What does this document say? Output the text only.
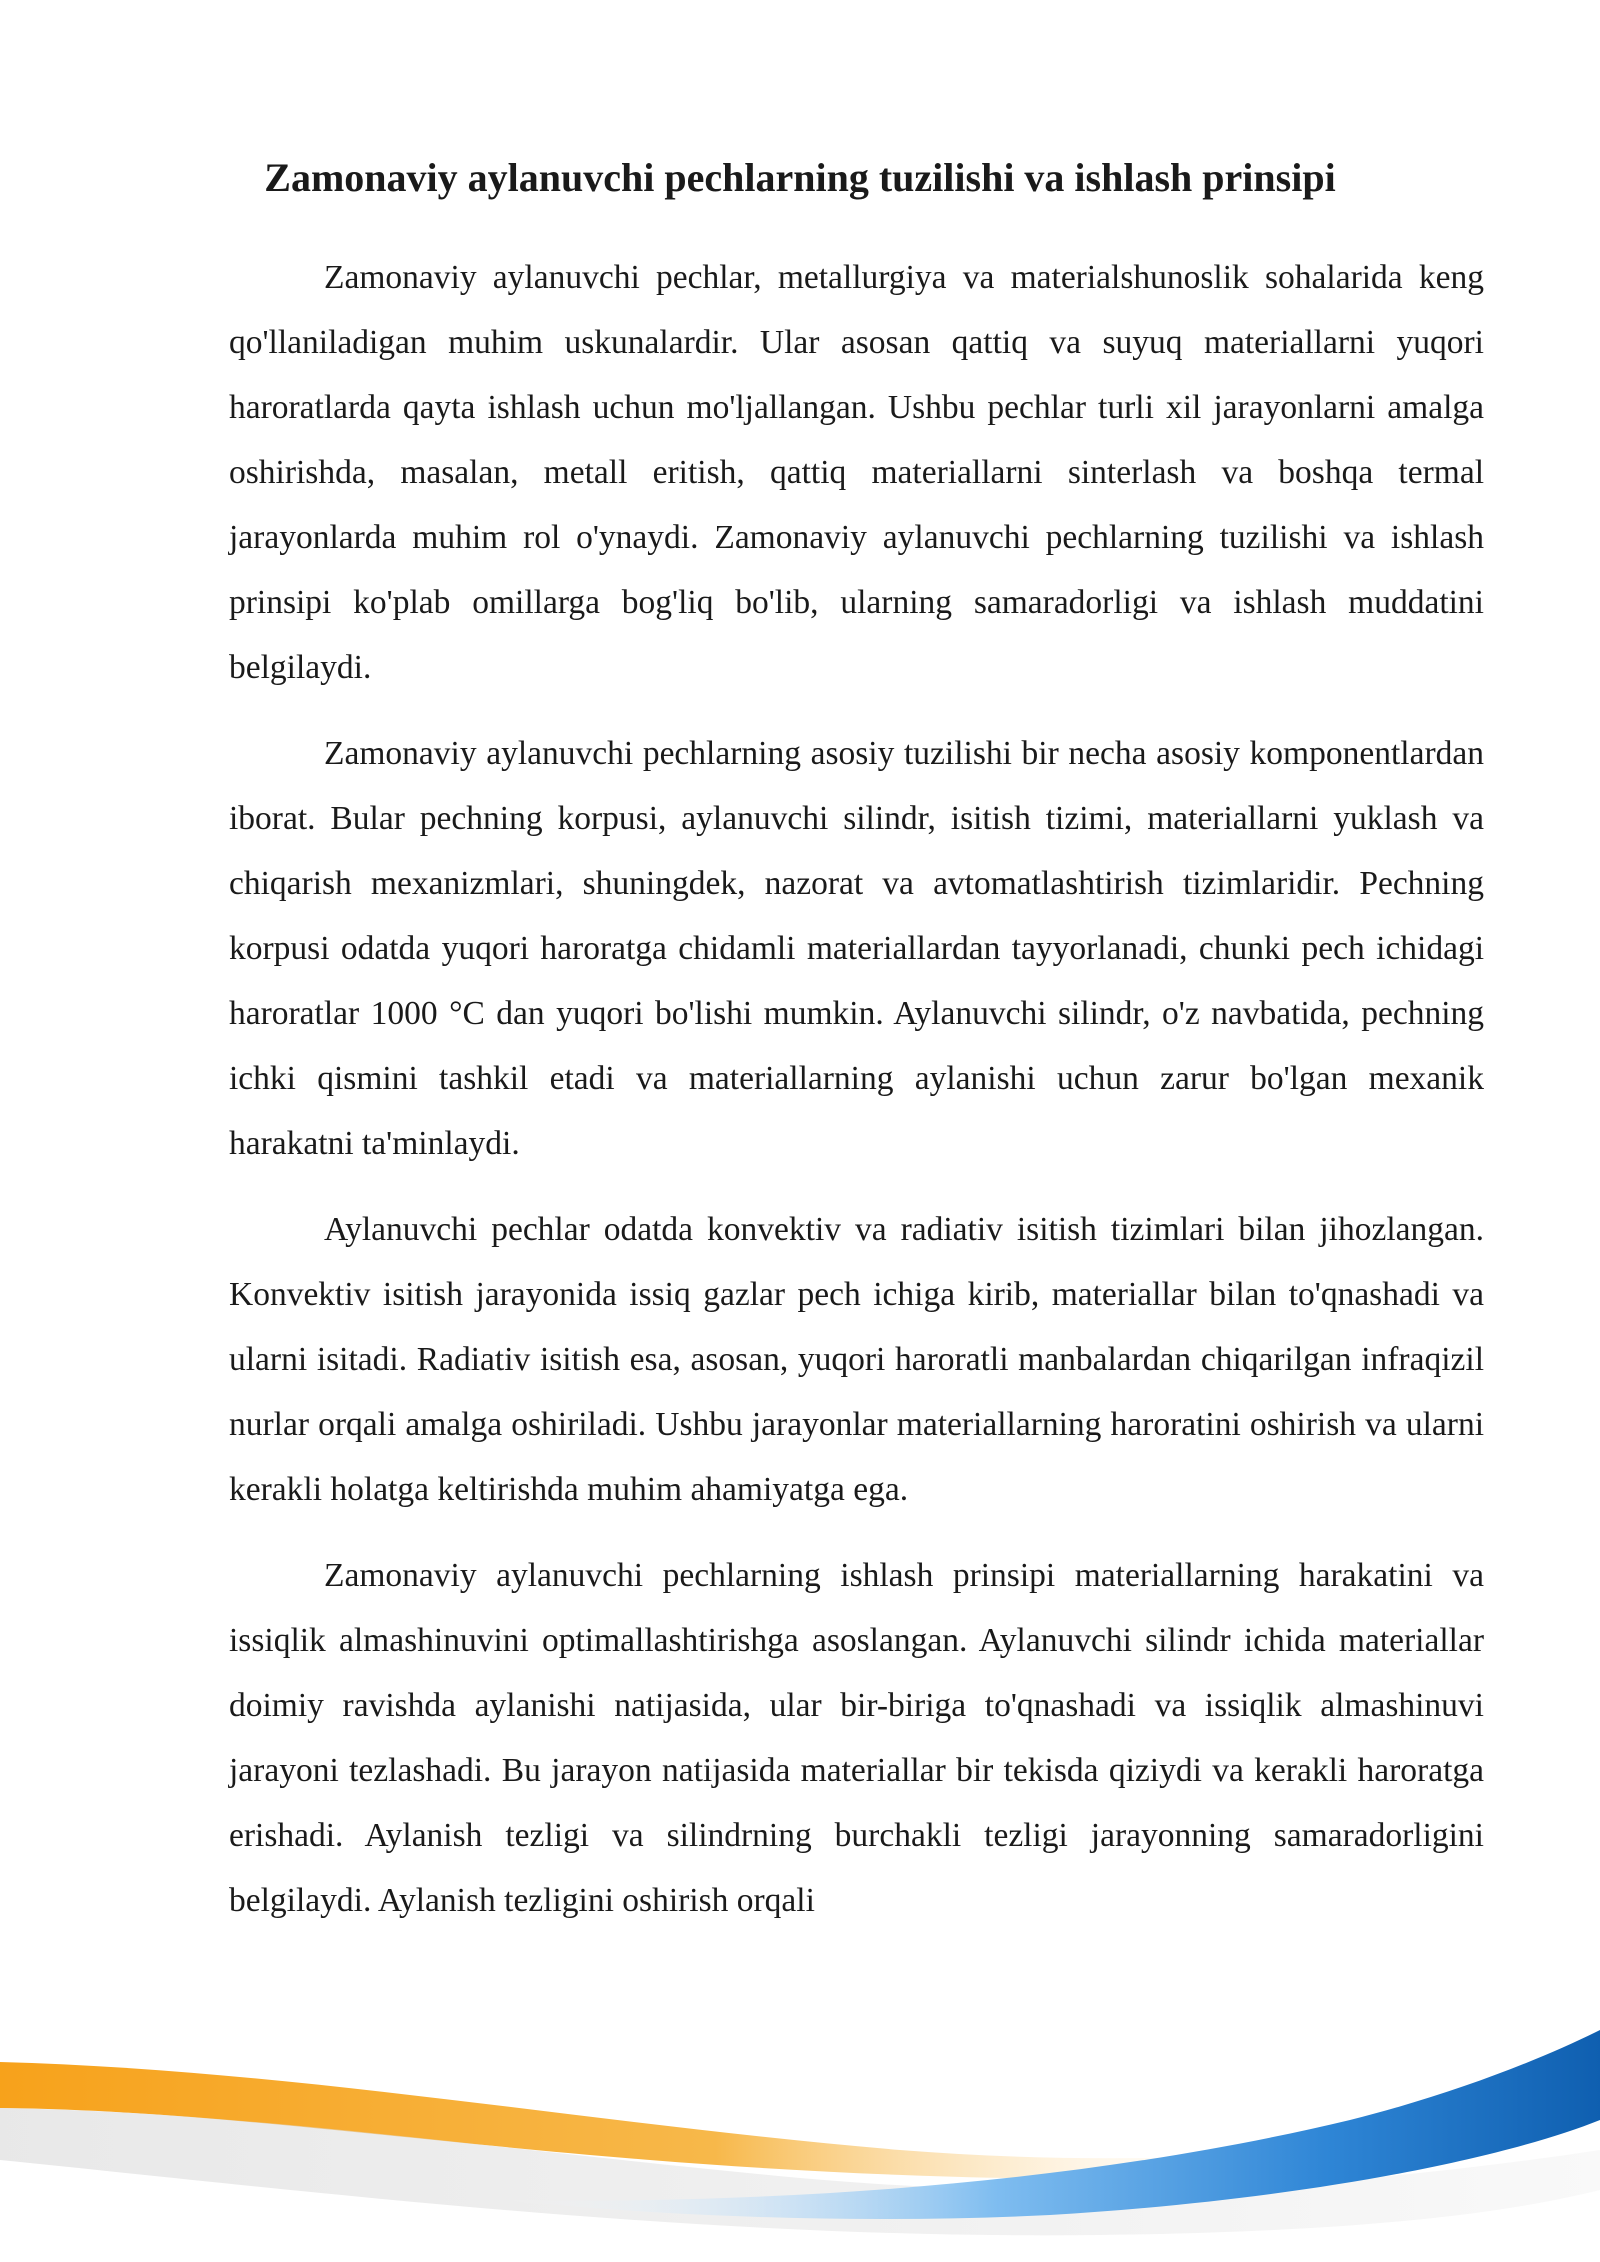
Zamonaviy aylanuvchi pechlarning tuzilishi va ishlash prinsipi

Zamonaviy aylanuvchi pechlar, metallurgiya va materialshunoslik sohalarida keng qo'llaniladigan muhim uskunalardir. Ular asosan qattiq va suyuq materiallarni yuqori haroratlarda qayta ishlash uchun mo'ljallangan. Ushbu pechlar turli xil jarayonlarni amalga oshirishda, masalan, metall eritish, qattiq materiallarni sinterlash va boshqa termal jarayonlarda muhim rol o'ynaydi. Zamonaviy aylanuvchi pechlarning tuzilishi va ishlash prinsipi ko'plab omillarga bog'liq bo'lib, ularning samaradorligi va ishlash muddatini belgilaydi.

Zamonaviy aylanuvchi pechlarning asosiy tuzilishi bir necha asosiy komponentlardan iborat. Bular pechning korpusi, aylanuvchi silindr, isitish tizimi, materiallarni yuklash va chiqarish mexanizmlari, shuningdek, nazorat va avtomatlashtirish tizimlaridir. Pechning korpusi odatda yuqori haroratga chidamli materiallardan tayyorlanadi, chunki pech ichidagi haroratlar 1000 °C dan yuqori bo'lishi mumkin. Aylanuvchi silindr, o'z navbatida, pechning ichki qismini tashkil etadi va materiallarning aylanishi uchun zarur bo'lgan mexanik harakatni ta'minlaydi.

Aylanuvchi pechlar odatda konvektiv va radiativ isitish tizimlari bilan jihozlangan. Konvektiv isitish jarayonida issiq gazlar pech ichiga kirib, materiallar bilan to'qnashadi va ularni isitadi. Radiativ isitish esa, asosan, yuqori haroratli manbalardan chiqarilgan infraqizil nurlar orqali amalga oshiriladi. Ushbu jarayonlar materiallarning haroratini oshirish va ularni kerakli holatga keltirishda muhim ahamiyatga ega.

Zamonaviy aylanuvchi pechlarning ishlash prinsipi materiallarning harakatini va issiqlik almashinuvini optimallashtirishga asoslangan. Aylanuvchi silindr ichida materiallar doimiy ravishda aylanishi natijasida, ular bir-biriga to'qnashadi va issiqlik almashinuvi jarayoni tezlashadi. Bu jarayon natijasida materiallar bir tekisda qiziydi va kerakli haroratga erishadi. Aylanish tezligi va silindrning burchakli tezligi jarayonning samaradorligini belgilaydi. Aylanish tezligini oshirish orqali
